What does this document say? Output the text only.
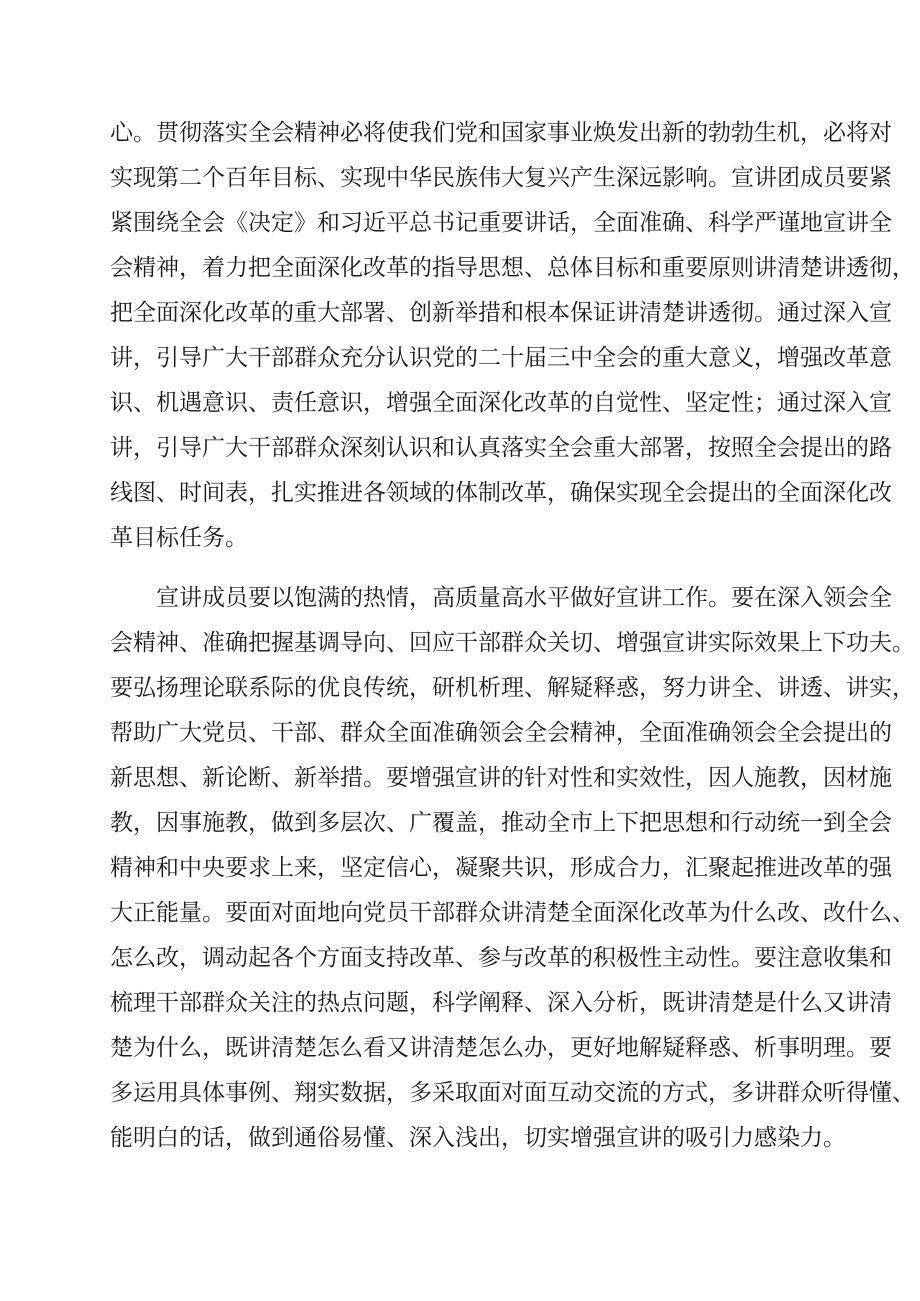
心。贯彻落实全会精神必将使我们党和国家事业焕发出新的勃勃生机，必将对
实现第二个百年目标、实现中华民族伟大复兴产生深远影响。宣讲团成员要紧
紧围绕全会《决定》和习近平总书记重要讲话，全面准确、科学严谨地宣讲全
会精神，着力把全面深化改革的指导思想、总体目标和重要原则讲清楚讲透彻，
把全面深化改革的重大部署、创新举措和根本保证讲清楚讲透彻。通过深入宣
讲，引导广大干部群众充分认识党的二十届三中全会的重大意义，增强改革意
识、机遇意识、责任意识，增强全面深化改革的自觉性、坚定性；通过深入宣
讲，引导广大干部群众深刻认识和认真落实全会重大部署，按照全会提出的路
线图、时间表，扎实推进各领域的体制改革，确保实现全会提出的全面深化改
革目标任务。
宣讲成员要以饱满的热情，高质量高水平做好宣讲工作。要在深入领会全
会精神、准确把握基调导向、回应干部群众关切、增强宣讲实际效果上下功夫。
要弘扬理论联系际的优良传统，研机析理、解疑释惑，努力讲全、讲透、讲实，
帮助广大党员、干部、群众全面准确领会全会精神，全面准确领会全会提出的
新思想、新论断、新举措。要增强宣讲的针对性和实效性，因人施教，因材施
教，因事施教，做到多层次、广覆盖，推动全市上下把思想和行动统一到全会
精神和中央要求上来，坚定信心，凝聚共识，形成合力，汇聚起推进改革的强
大正能量。要面对面地向党员干部群众讲清楚全面深化改革为什么改、改什么、
怎么改，调动起各个方面支持改革、参与改革的积极性主动性。要注意收集和
梳理干部群众关注的热点问题，科学阐释、深入分析，既讲清楚是什么又讲清
楚为什么，既讲清楚怎么看又讲清楚怎么办，更好地解疑释惑、析事明理。要
多运用具体事例、翔实数据，多采取面对面互动交流的方式，多讲群众听得懂、
能明白的话，做到通俗易懂、深入浅出，切实增强宣讲的吸引力感染力。
